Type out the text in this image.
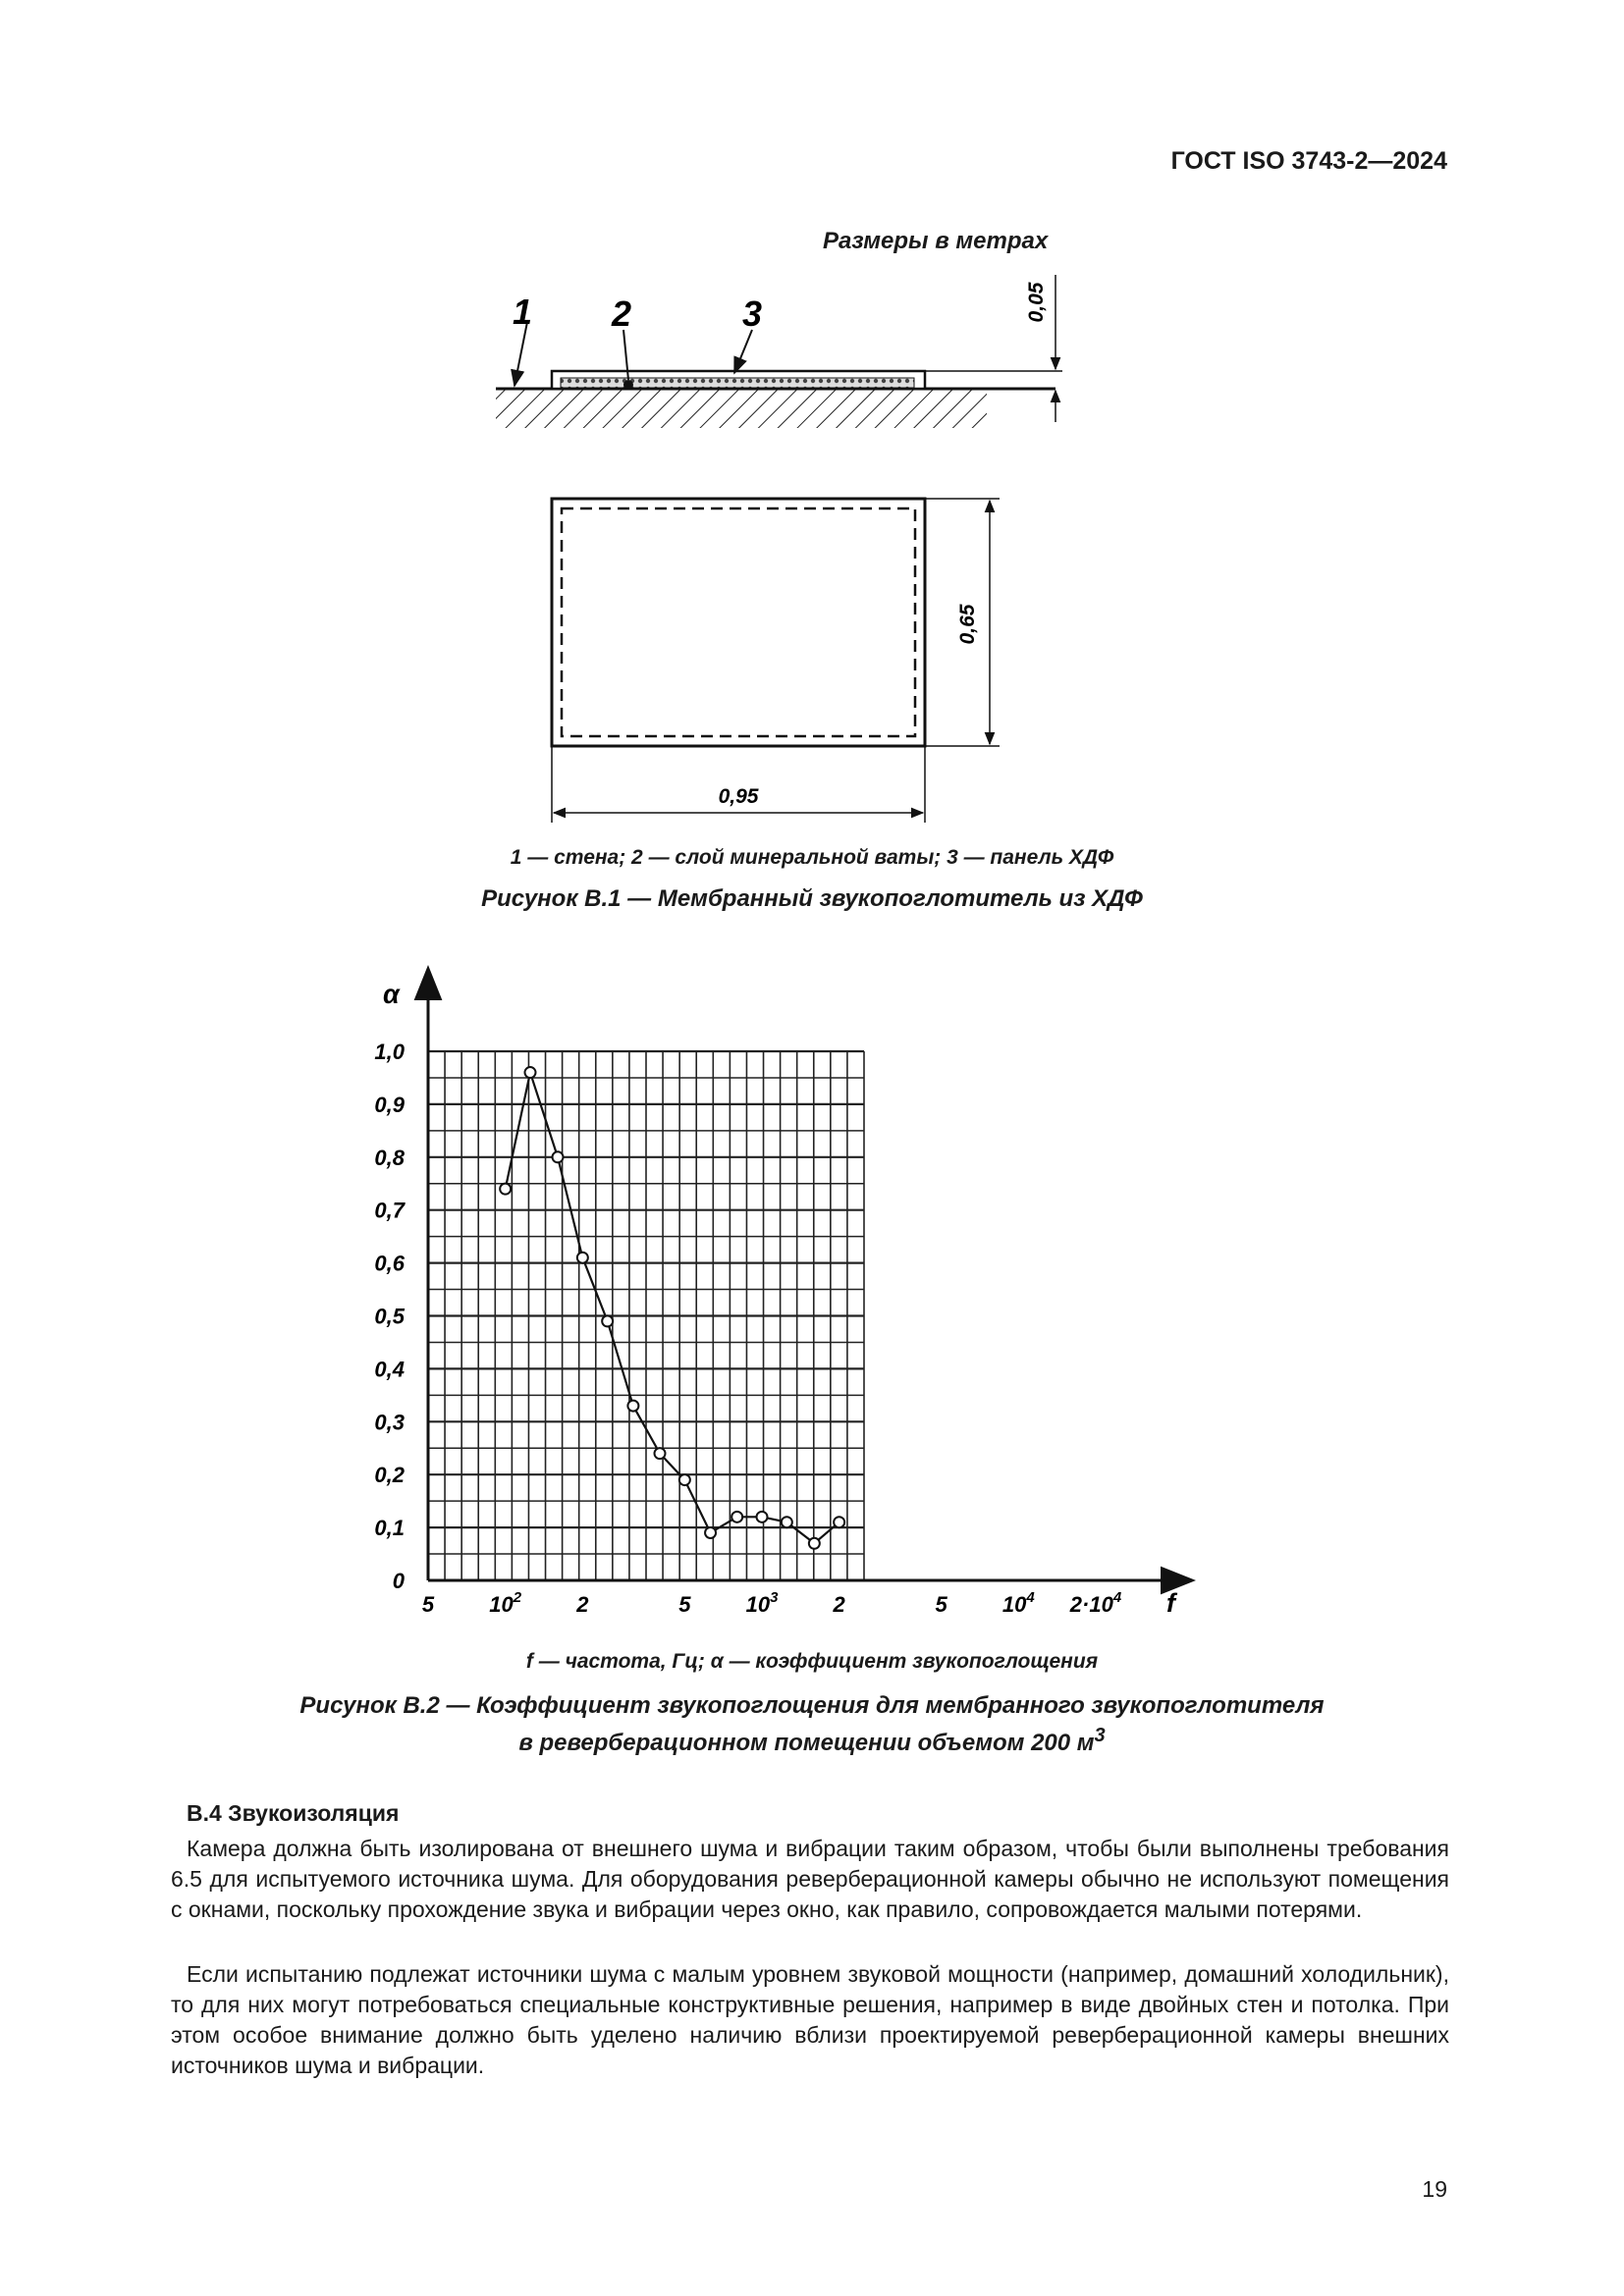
ГОСТ ISO 3743-2—2024
Размеры в метрах
1 2	3	0,05
0,65
0,95
1 — стена; 2 — слой минеральной ваты; 3 — панель ХДФ
Рисунок В.1 — Мембранный звукопоглотитель из ХДФ
α
f
0
0,1
0,2
0,3
0,4
0,5
0,6
0,7
0,8
0,9
1,0
5	$10^2$	2	5	$10^3$	2	5	$10^4$ $2\cdot 10^4$
f — частота, Гц; α — коэффициент звукопоглощения
Рисунок В.2 — Коэффициент звукопоглощения для мембранного звукопоглотителя
в реверберационном помещении объемом 200 $м^3$
В.4 Звукоизоляция
Камера должна быть изолирована от внешнего шума и вибрации таким образом, чтобы были выполнены требования 6.5 для испытуемого источника шума. Для оборудования реверберационной камеры обычно не используют помещения с окнами, поскольку прохождение звука и вибрации через окно, как правило, сопровождается малыми потерями.
Если испытанию подлежат источники шума с малым уровнем звуковой мощности (например, домашний холодильник), то для них могут потребоваться специальные конструктивные решения, например в виде двойных стен и потолка. При этом особое внимание должно быть уделено наличию вблизи проектируемой реверберационной камеры внешних источников шума и вибрации.
19
